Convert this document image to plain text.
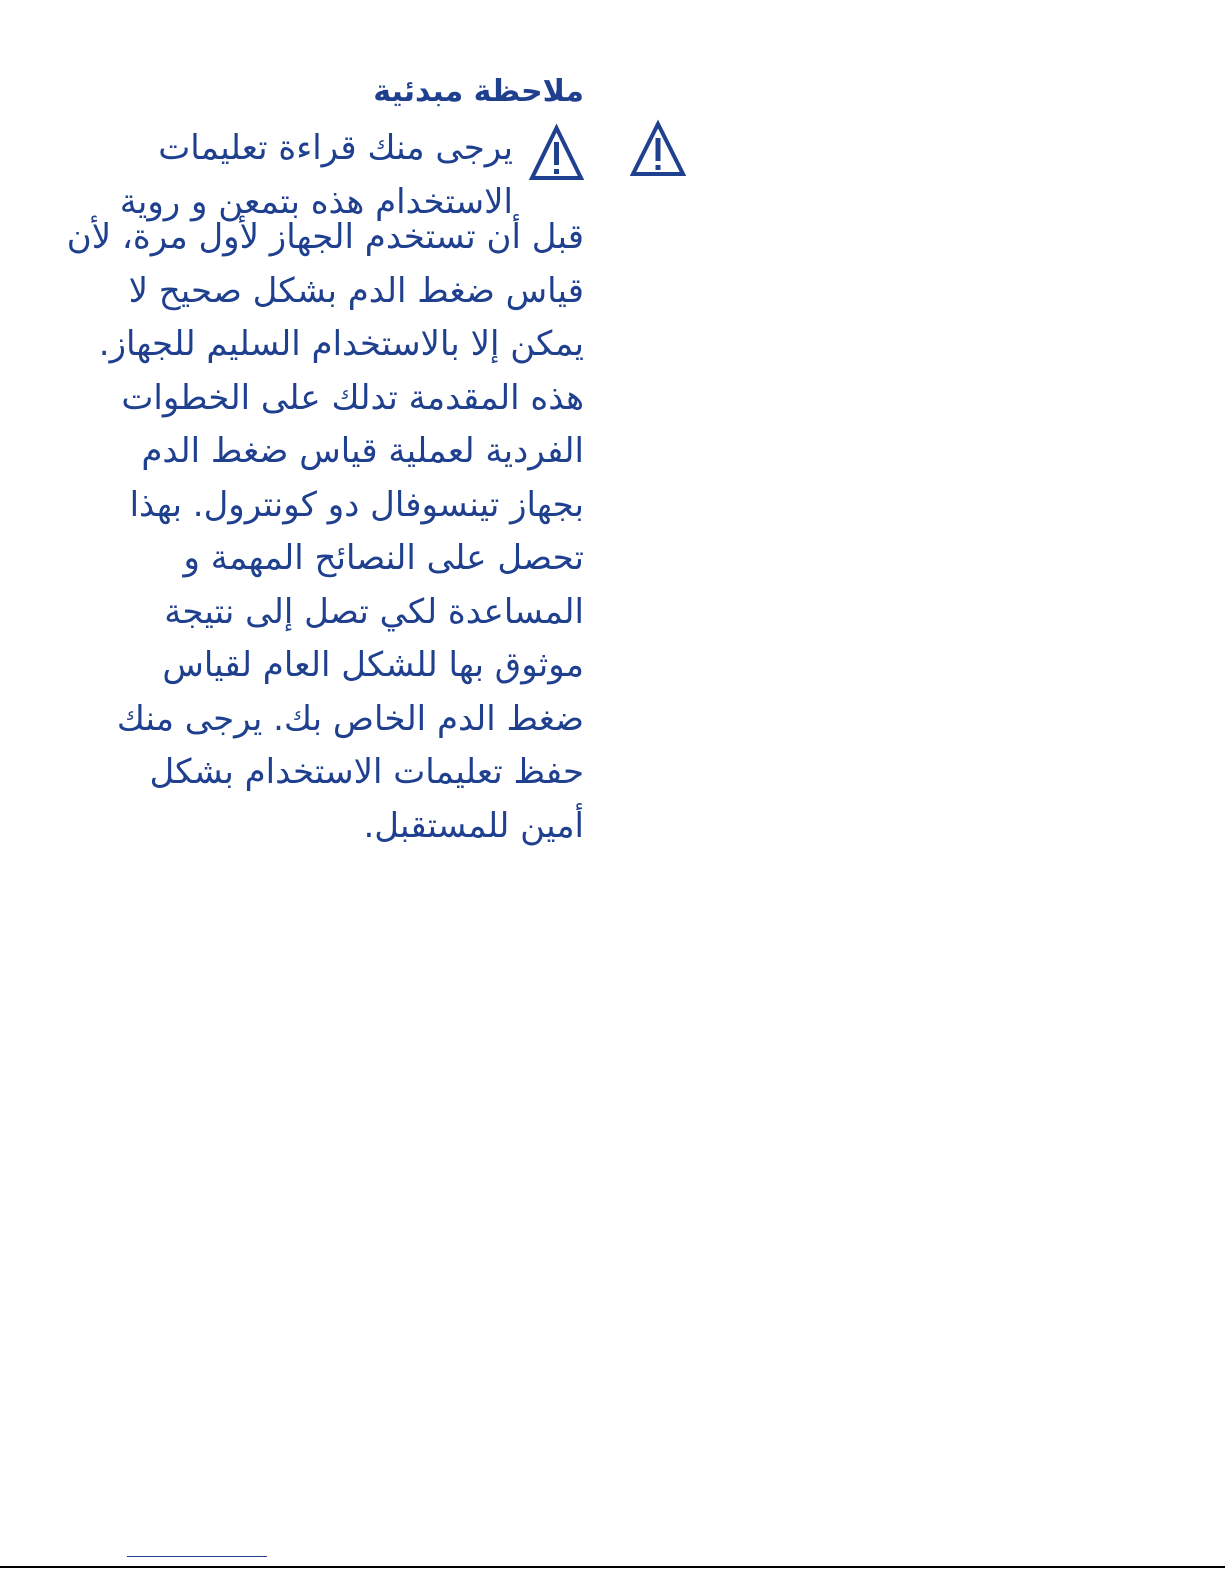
ملاحظة مبدئية

يرجى منك قراءة تعليمات
الاستخدام هذه بتمعن و روية

قبل أن تستخدم الجهاز لأول مرة، لأن
قياس ضغط الدم بشكل صحيح لا
يمكن إلا بالاستخدام السليم للجهاز.
هذه المقدمة تدلك على الخطوات
الفردية لعملية قياس ضغط الدم
بجهاز تينسوفال دو كونترول. بهذا
تحصل على النصائح المهمة و
المساعدة لكي تصل إلى نتيجة
موثوق بها للشكل العام لقياس
ضغط الدم الخاص بك. يرجى منك
حفظ تعليمات الاستخدام بشكل
أمين للمستقبل.
